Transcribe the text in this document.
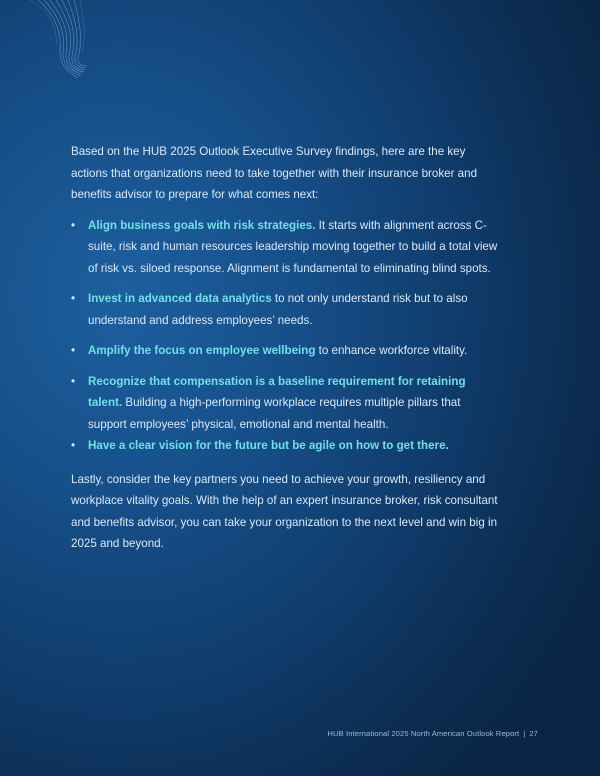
Based on the HUB 2025 Outlook Executive Survey findings, here are the key actions that organizations need to take together with their insurance broker and benefits advisor to prepare for what comes next:

• Align business goals with risk strategies. It starts with alignment across C-suite, risk and human resources leadership moving together to build a total view of risk vs. siloed response. Alignment is fundamental to eliminating blind spots.
• Invest in advanced data analytics to not only understand risk but to also understand and address employees’ needs.
• Amplify the focus on employee wellbeing to enhance workforce vitality.
• Recognize that compensation is a baseline requirement for retaining talent. Building a high-performing workplace requires multiple pillars that support employees’ physical, emotional and mental health.
• Have a clear vision for the future but be agile on how to get there.

Lastly, consider the key partners you need to achieve your growth, resiliency and workplace vitality goals. With the help of an expert insurance broker, risk consultant and benefits advisor, you can take your organization to the next level and win big in 2025 and beyond.

HUB International 2025 North American Outlook Report | 27
